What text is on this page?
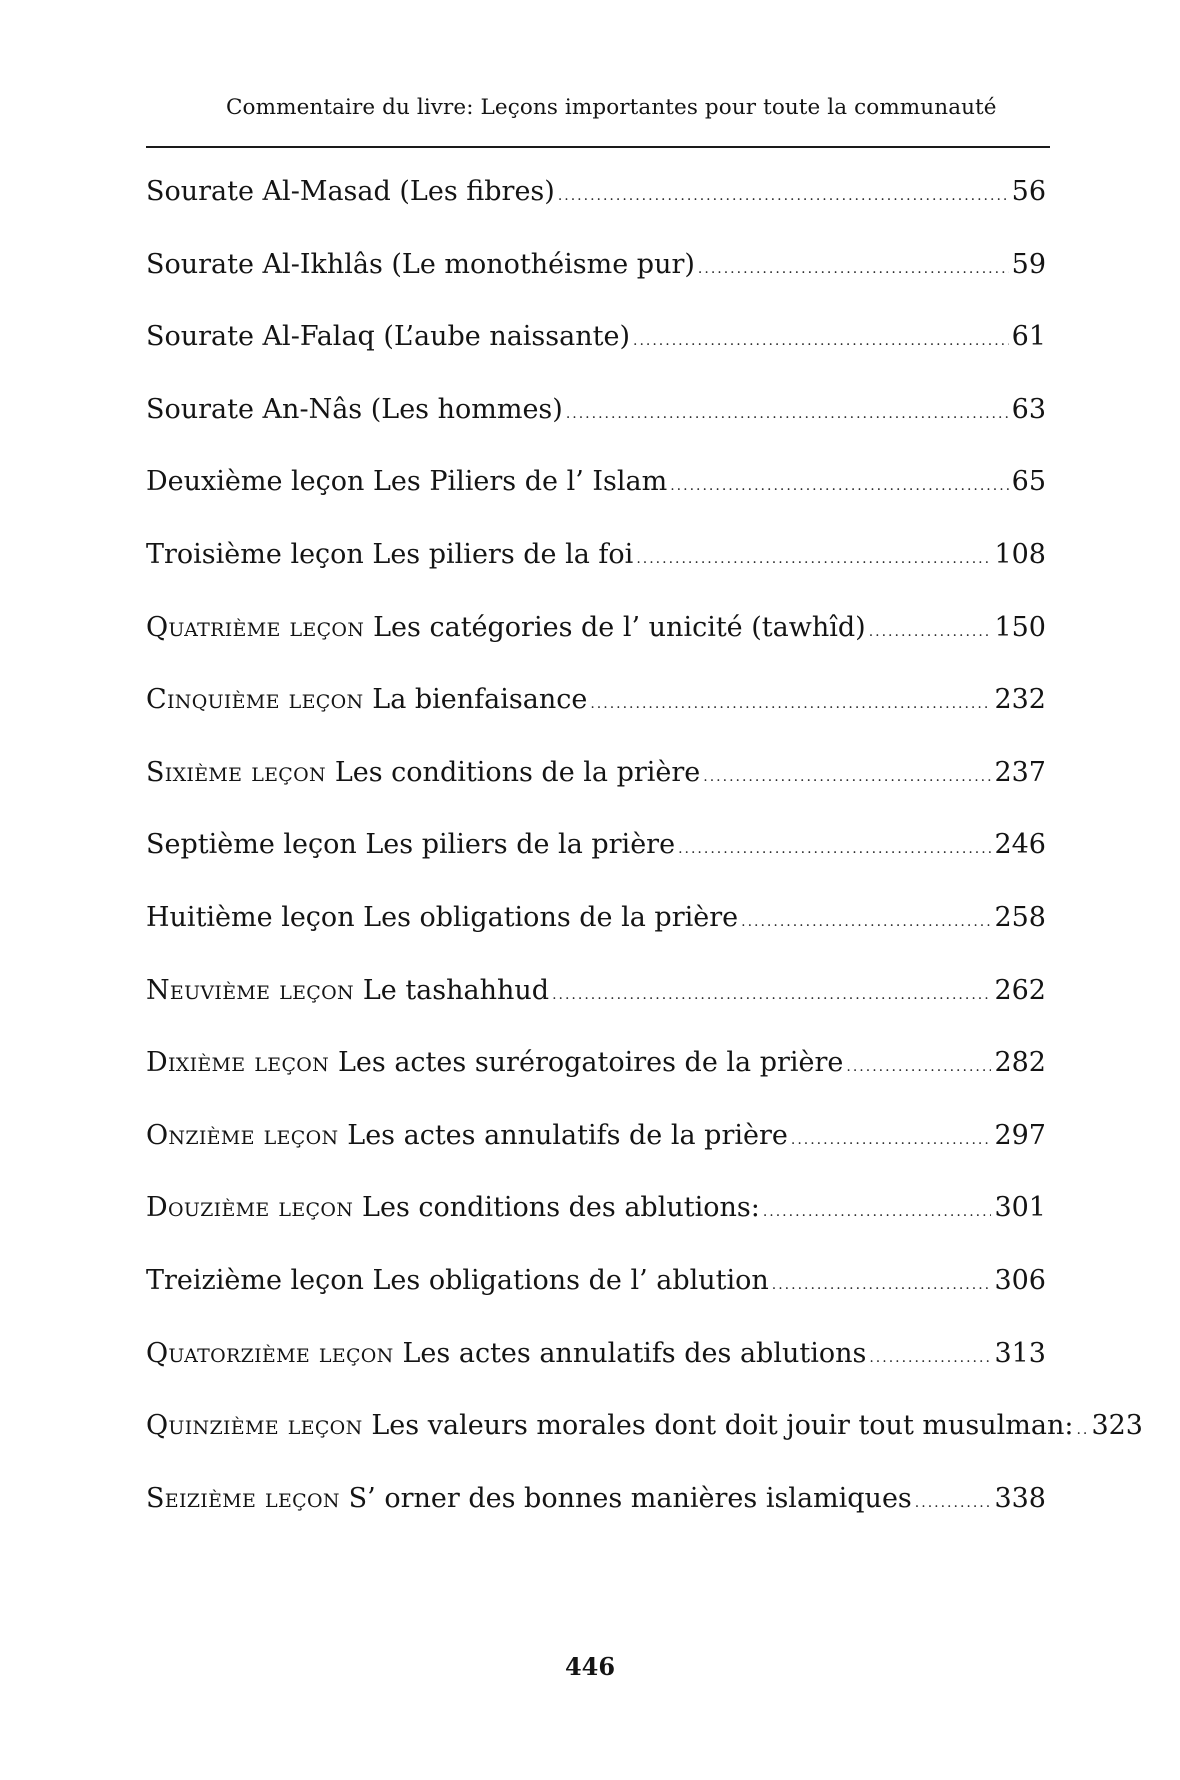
Commentaire du livre: Leçons importantes pour toute la communauté
Sourate Al-Masad (Les fibres) .....	56
Sourate Al-Ikhlâs (Le monothéisme pur) .....	59
Sourate Al-Falaq (L’aube naissante) .....	61
Sourate An-Nâs (Les hommes) .....	63
Deuxième leçon Les Piliers de l’ Islam .....	65
Troisième leçon Les piliers de la foi .....	108
Quatrième leçon Les catégories de l’ unicité (tawhîd) .....	150
Cinquième leçon La bienfaisance .....	232
Sixième leçon Les conditions de la prière .....	237
Septième leçon Les piliers de la prière .....	246
Huitième leçon Les obligations de la prière .....	258
Neuvième leçon Le tashahhud .....	262
Dixième leçon Les actes surérogatoires de la prière .....	282
Onzième leçon Les actes annulatifs de la prière .....	297
Douzième leçon Les conditions des ablutions: .....	301
Treizième leçon Les obligations de l’ ablution .....	306
Quatorzième leçon Les actes annulatifs des ablutions .....	313
Quinzième leçon Les valeurs morales dont doit jouir tout musulman: ..... 323
Seizième leçon S’ orner des bonnes manières islamiques .....	338
446
